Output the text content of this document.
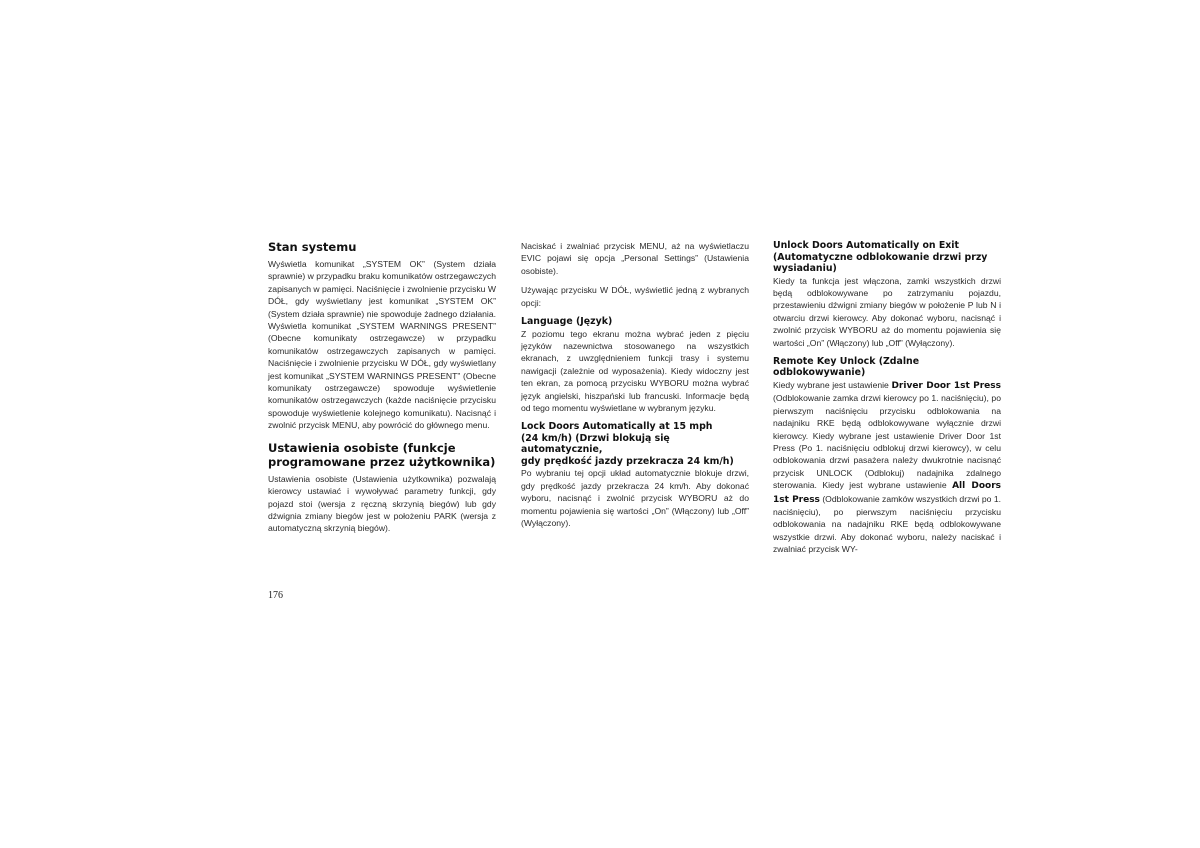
Stan systemu

Wyświetla komunikat „SYSTEM OK” (System działa sprawnie) w przypadku braku komunikatów ostrzegawczych zapisanych w pamięci. Naciśnięcie i zwolnienie przycisku W DÓŁ, gdy wyświetlany jest komunikat „SYSTEM OK” (System działa sprawnie) nie spowoduje żadnego działania. Wyświetla komunikat „SYSTEM WARNINGS PRESENT” (Obecne komunikaty ostrzegawcze) w przypadku komunikatów ostrzegawczych zapisanych w pamięci. Naciśnięcie i zwolnienie przycisku W DÓŁ, gdy wyświetlany jest komunikat „SYSTEM WARNINGS PRESENT” (Obecne komunikaty ostrzegawcze) spowoduje wyświetlenie komunikatów ostrzegawczych (każde naciśnięcie przycisku spowoduje wyświetlenie kolejnego komunikatu). Nacisnąć i zwolnić przycisk MENU, aby powrócić do głównego menu.

Ustawienia osobiste (funkcje
programowane przez użytkownika)

Ustawienia osobiste (Ustawienia użytkownika) pozwalają kierowcy ustawiać i wywoływać parametry funkcji, gdy pojazd stoi (wersja z ręczną skrzynią biegów) lub gdy dźwignia zmiany biegów jest w położeniu PARK (wersja z automatyczną skrzynią biegów).

Naciskać i zwalniać przycisk MENU, aż na wyświetlaczu EVIC pojawi się opcja „Personal Settings” (Ustawienia osobiste).

Używając przycisku W DÓŁ, wyświetlić jedną z wybranych opcji:

Language (Język)

Z poziomu tego ekranu można wybrać jeden z pięciu języków nazewnictwa stosowanego na wszystkich ekranach, z uwzględnieniem funkcji trasy i systemu nawigacji (zależnie od wyposażenia). Kiedy widoczny jest ten ekran, za pomocą przycisku WYBORU można wybrać język angielski, hiszpański lub francuski. Informacje będą od tego momentu wyświetlane w wybranym języku.

Lock Doors Automatically at 15 mph
(24 km/h) (Drzwi blokują się automatycznie,
gdy prędkość jazdy przekracza 24 km/h)

Po wybraniu tej opcji układ automatycznie blokuje drzwi, gdy prędkość jazdy przekracza 24 km/h. Aby dokonać wyboru, nacisnąć i zwolnić przycisk WYBORU aż do momentu pojawienia się wartości „On” (Włączony) lub „Off” (Wyłączony).

Unlock Doors Automatically on Exit
(Automatyczne odblokowanie drzwi przy
wysiadaniu)

Kiedy ta funkcja jest włączona, zamki wszystkich drzwi będą odblokowywane po zatrzymaniu pojazdu, przestawieniu dźwigni zmiany biegów w położenie P lub N i otwarciu drzwi kierowcy. Aby dokonać wyboru, nacisnąć i zwolnić przycisk WYBORU aż do momentu pojawienia się wartości „On” (Włączony) lub „Off” (Wyłączony).

Remote Key Unlock (Zdalne
odblokowywanie)

Kiedy wybrane jest ustawienie Driver Door 1st Press (Odblokowanie zamka drzwi kierowcy po 1. naciśnięciu), po pierwszym naciśnięciu przycisku odblokowania na nadajniku RKE będą odblokowywane wyłącznie drzwi kierowcy. Kiedy wybrane jest ustawienie Driver Door 1st Press (Po 1. naciśnięciu odblokuj drzwi kierowcy), w celu odblokowania drzwi pasażera należy dwukrotnie nacisnąć przycisk UNLOCK (Odblokuj) nadajnika zdalnego sterowania. Kiedy jest wybrane ustawienie All Doors 1st Press (Odblokowanie zamków wszystkich drzwi po 1. naciśnięciu), po pierwszym naciśnięciu przycisku odblokowania na nadajniku RKE będą odblokowywane wszystkie drzwi. Aby dokonać wyboru, należy naciskać i zwalniać przycisk WY-

176
